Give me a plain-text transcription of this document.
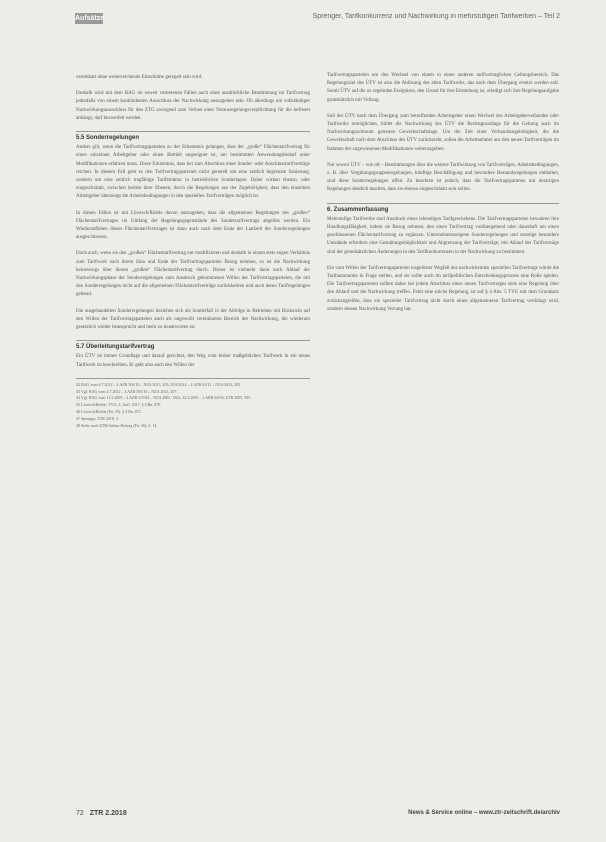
Aufsätze	Sprenger, Tarifkonkurrenz und Nachwirkung in mehrstufigen Tarifwerken – Teil 2

vereinbart ohne weiterreichende Einschnitte geregelt sein wird.

Deshalb wird mit dem BAG im soweit vertretenen Fällen auch ohne ausdrückliche Bestimmung im Tarifvertrag jedenfalls von einem konkludenten Ausschluss der Nachwirkung auszugehen sein. Ob allerdings ein vollständiger Nachwirkungsausschluss für den ZTG zwingend zum Verlust einer Vorausregelungsverpflichtung für die befristet abhängt, darf bezweifelt werden.

5.5 Sonderregelungen

Anders gilt, wenn die Tarifvertragsparteien zu der Erkenntnis gelangen, dass der „große“ Flächentarifvertrag für einen einzelnen Arbeitgeber oder einen Betrieb ungeeignet ist, um bestimmten Anwendungsbedarf unter Modifikationen erfahren muss. Diese Erkenntnis, dass bei zum Abschluss einer Sonder- oder Anschlusstarifverträge reichen. In diesem Fall geht es den Tarifvertragsparteien nicht generell um eine zeitlich begrenzte Sanierung, sondern um eine zeitlich tragfähige Tarifstruktur in betrieblichen Sonderlagen. Daher wirken ebenso, oder eingeschränkt, zwischen beiden ihrer Ebenen, durch die Regelungen aus der Zugehörigkeit, dass den einzelnen Arbeitgeber überzeugt die Arbeitsbedingungen in den speziellen Tarifverträgen möglich ist.

In diesen Fällen ist mit Löwisch/Rieble davon auszugehen, dass die allgemeinen Regelungen des „großen“ Flächentarifvertrages im Umfang der Regelungsgegenstände des Sondertarifvertrags abgelöst werden. Ein Wiederaufleben dieses Flächentarifvertrages ist dann auch nach dem Ende der Laufzeit der Sonderregelungen ausgeschlossen.

Doch auch, wenn sie den „großen“ Flächentarifvertrag nur modifizieren und deshalb in einem stets engen Verhältnis zum Tarifwerk nach ihrem Sinn und Ende der Tarifvertragsparteien Bezug nehmen, so ist die Nachwirkung keineswegs über diesen „großen“ Flächentarifvertrag durch. Dieser ist vielmehr dann nach Ablauf der Nachwirkungsphase der Sonderregelungen zum Ausdruck gekommenen Willen der Tarifvertragsparteien, die mit den Sonderregelungen nicht auf die allgemeinen Flächentarifverträge zurückkehren und auch deren Tarifregelungen geltend.

Die ausgehandelten Sonderregelungen beziehen sich als Sonderfall in der Abfolge in Betrieben mit Rücksicht auf den Willen der Tarifvertragsparteien auch als ungewollt vereinbarten Bereich der Nachwirkung, die wiederum gesetzlich wieder beansprucht und mehr zu beantworten ist.

5.7 Überleitungstarifvertrag

Ein ÜTV ist immer Grundlage und darauf gerichtet, den Weg vom bisher maßgeblichen Tarifwerk in ein neues Tarifwerk zu beschreiben. Er geht also auch den Willen der

42 BAG vom 4.7.2012 – 4 AZR 504/10 – NZA 2013, 203; 29.8.2012 – 4 AZR 61/11 – NZA 2013, 205.
43 Vgl. BAG vom 4.7.2012 – 4 AZR 505/10 – NZA 2013, 207.
44 Vgl. BAG vom 11.5.2005 – 4 AZR 315/04 – NZA 2005, 1362; 22.3.2005 – 1 ABR 64/03; ZTR 2005, 585.
45 Löwisch/Rieble, TVG, 4. Aufl. 2017, § 4 Rn. 870.
46 Löwisch/Rieble (Fn. 45), § 4 Rn. 871.
47 Sprenger, ZTR 2018, 3.
48 Siehe auch ZTR-Online-Beitrag (Fn. 26), S. 14.

Tarifvertragsparteien um den Wechsel von einem in einen anderen tarifvertraglichen Geltungsbereich. Das Regelungsziel des ÜTV ist also die Ablösung des alten Tarifwerks, das nach dem Übergang ersetzt werden soll. Somit ÜTV auf die zu regelnden Ereignisse, den Grund für ihre Entstehung ist, erledigt sich ihre Regelungsaufgabe grundsätzlich mit Vollzug.

Soll der ÜTV nach dem Übergang zum betreffenden Arbeitsgeber einen Wechsel des Arbeitgeberverbandes oder Tarifwerks ermöglichen, bildet die Nachwirkung des ÜTV die Rechtsgrundlage für die Geltung auch im Nachwirkungszeitraum getreuen Gewerkschaftslage. Um die Zeit einer Verbandszugehörigkeit, die die Gewerkschaft nach dem Abschluss des ÜTV zurückzieht, sollen die Arbeitnehmer aus den neuen Tarifverträgen im Rahmen der zugewiesenen Modifikationen weiterzugelten.

Nur soweit ÜTV – wie oft – Bestimmungen über die weitere Tarifwirkung von Tarifverträgen, Arbeitsbedingungen, z. B. über Vergütungsgruppenregelungen, künftige Beschäftigung und besondere Bestandsregelungen enthalten, sind diese Sonderregelungen offen. Zu beachten ist jedoch, dass die Tarifvertragsparteien mit derartigen Regelungen deutlich machen, dass sie ebenso eingeschränkt sein sollen.

6. Zusammenfassung

Mehrstufige Tarifwerke sind Ausdruck eines lebendigen Tarifgeschehens. Die Tarifvertragsparteien bewahren ihre Handlungsfähigkeit, indem sie Bezug nehmen, den einen Tarifvertrag vorübergehend oder dauerhaft um einen geschlossenen Flächentarifvertrag zu ergänzen. Unternehmenseigene Sonderregelungen und sonstige besondere Umstände erfordern eine Gestaltungsmöglichkeit und Abgrenzung der Tarifverträge; mit Ablauf der Tarifverträge sind der grundsätzlichen Änderungen in den Tarifkonkurrenzen in der Nachwirkung zu bestimmen.

Ein vom Willen der Tarifvertragsparteien losgelöster Wegfall des nachwirkenden speziellen Tarifvertrags würde die Tarifautonomie in Frage stellen, und sie sollte auch im tarifpolitischen Entscheidungsprozess eine Rolle spielen. Die Tarifvertragsparteien sollten daher bei jedem Abschluss eines neuen Tarifvertrages stets eine Regelung über den Ablauf und die Nachwirkung treffen. Fehlt eine solche Regelung, ist auf § 4 Abs. 5 TVG mit dem Grundsatz zurückzugreifen, dass ein spezieller Tarifvertrag nicht durch einen allgemeineren Tarifvertrag verdrängt wird, sondern dessen Nachwirkung Vorrang hat.

72 ZTR 2.2018	News & Service online – www.ztr-zeitschrift.de/archiv
